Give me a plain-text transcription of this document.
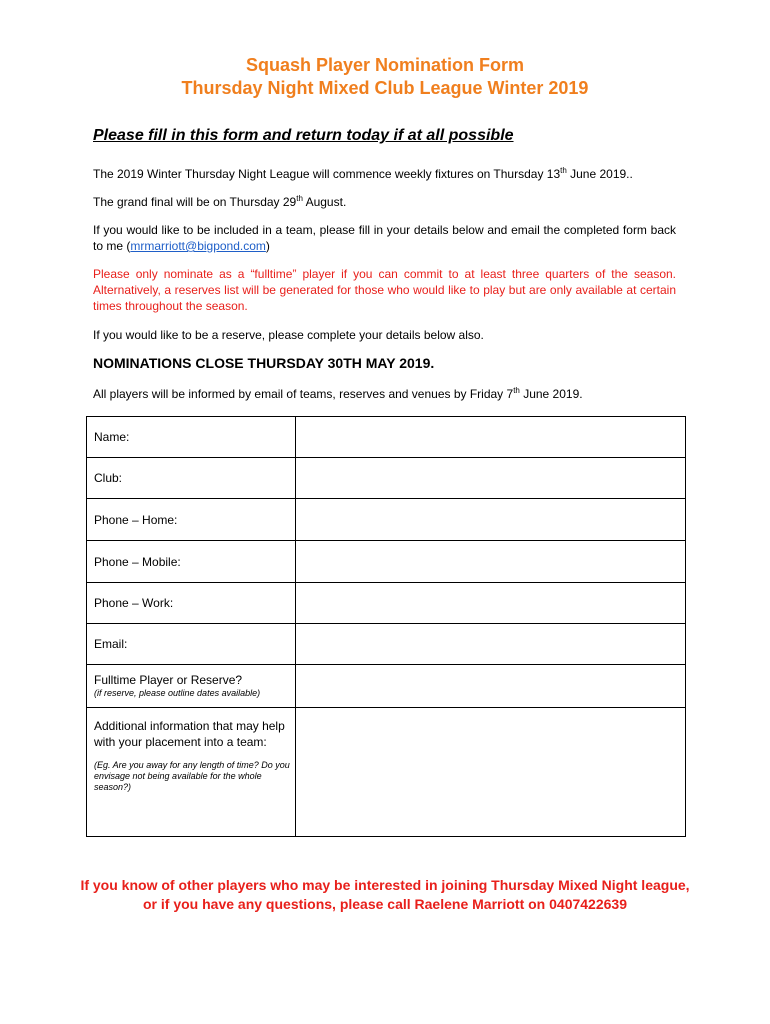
Squash Player Nomination Form
Thursday Night Mixed Club League Winter 2019
Please fill in this form and return today if at all possible
The 2019 Winter Thursday Night League will commence weekly fixtures on Thursday 13th June 2019..
The grand final will be on Thursday 29th August.
If you would like to be included in a team, please fill in your details below and email the completed form back to me (mrmarriott@bigpond.com)
Please only nominate as a “fulltime” player if you can commit to at least three quarters of the season. Alternatively, a reserves list will be generated for those who would like to play but are only available at certain times throughout the season.
If you would like to be a reserve, please complete your details below also.
NOMINATIONS CLOSE THURSDAY 30TH MAY 2019.
All players will be informed by email of teams, reserves and venues by Friday 7th June 2019.
Name:	
Club:	
Phone – Home:	
Phone – Mobile:	
Phone – Work:	
Email:	

Fulltime Player or Reserve?
(if reserve, please outline dates available)	

Additional information that may help with your placement into a team:
(Eg. Are you away for any length of time? Do you envisage not being available for the whole season?)	

If you know of other players who may be interested in joining Thursday Mixed Night league, or if you have any questions, please call Raelene Marriott on 0407422639
